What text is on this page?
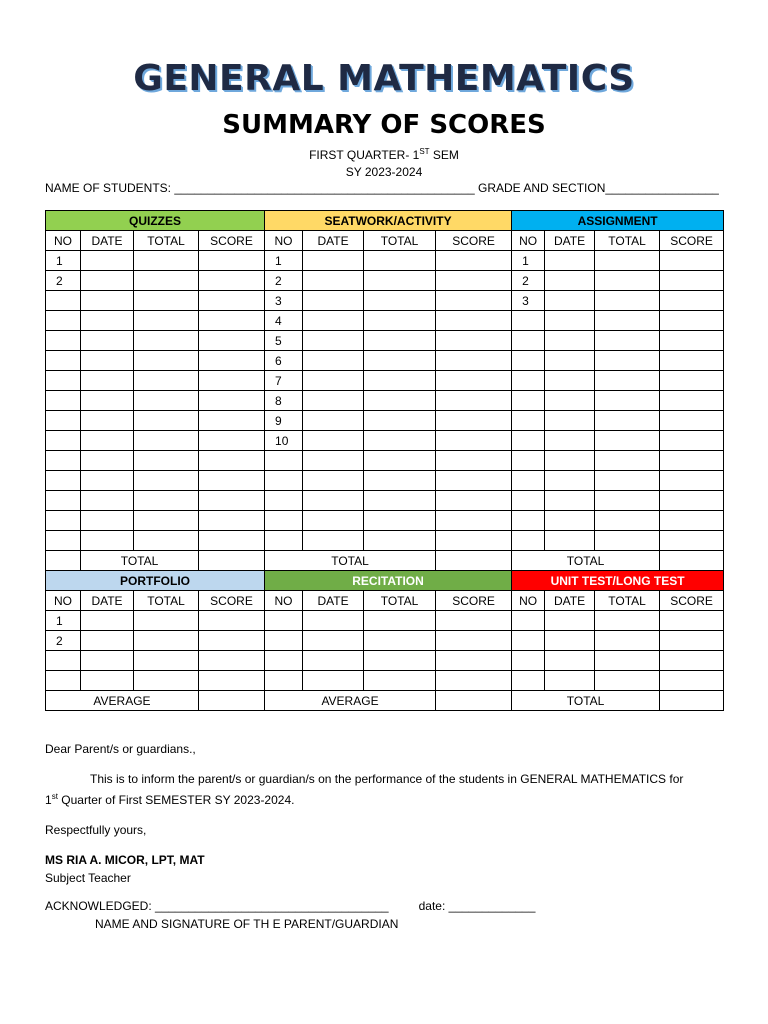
GENERAL MATHEMATICS
SUMMARY OF SCORES
FIRST QUARTER- 1ST SEM
SY 2023-2024
NAME OF STUDENTS: _____________________________________________ GRADE AND SECTION_________________
QUIZZES				SEATWORK/ACTIVITY				ASSIGNMENT			
NO	DATE	TOTAL	SCORE	NO	DATE	TOTAL	SCORE	NO	DATE	TOTAL	SCORE
1				1				1			
2				2				2			
				3				3			
				4							
				5							
				6							
				7							
				8							
				9							
				10							

	TOTAL			TOTAL				TOTAL			
PORTFOLIO				RECITATION				UNIT TEST/LONG TEST			
NO	DATE	TOTAL	SCORE	NO	DATE	TOTAL	SCORE	NO	DATE	TOTAL	SCORE
1											
2											

AVERAGE				AVERAGE				TOTAL			

Dear Parent/s or guardians.,

This is to inform the parent/s or guardian/s on the performance of the students in GENERAL MATHEMATICS for

1st Quarter of First SEMESTER SY 2023-2024.

Respectfully yours,

MS RIA A. MICOR, LPT, MAT

Subject Teacher

ACKNOWLEDGED: ___________________________________	date: _____________
NAME AND SIGNATURE OF TH E PARENT/GUARDIAN
